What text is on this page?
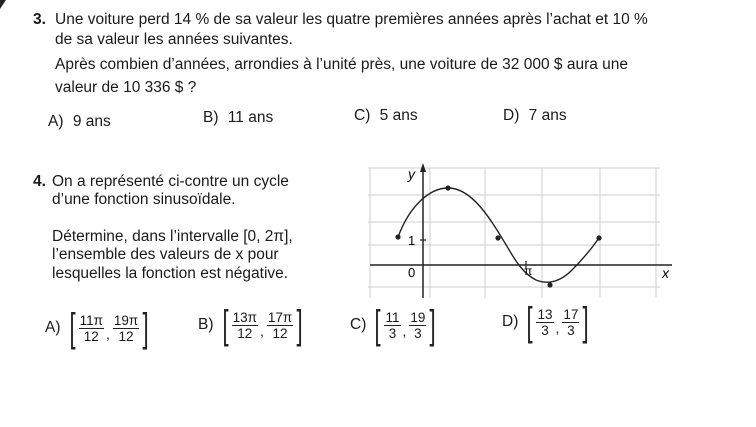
3. Une voiture perd 14 % de sa valeur les quatre premières années après l’achat et 10 %
de sa valeur les années suivantes.
Après combien d’années, arrondies à l’unité près, une voiture de 32 000 $ aura une
valeur de 10 336 $ ?
A) 9 ans	B) 11 ans	C) 5 ans	D) 7 ans
4. On a représenté ci-contre un cycle
d’une fonction sinusoïdale.
Détermine, dans l’intervalle [0, 2π],
l’ensemble des valeurs de x pour
lesquelles la fonction est négative.
y
x
1
0	π
A) [ $\frac{11\pi}{12}$ , $\frac{19\pi}{12}$ ]	B) [ $\frac{13\pi}{12}$ , $\frac{17\pi}{12}$ ]	C) [ $\frac{11}{3}$ , $\frac{19}{3}$ ]	D) [ $\frac{13}{3}$ , $\frac{17}{3}$ ]
